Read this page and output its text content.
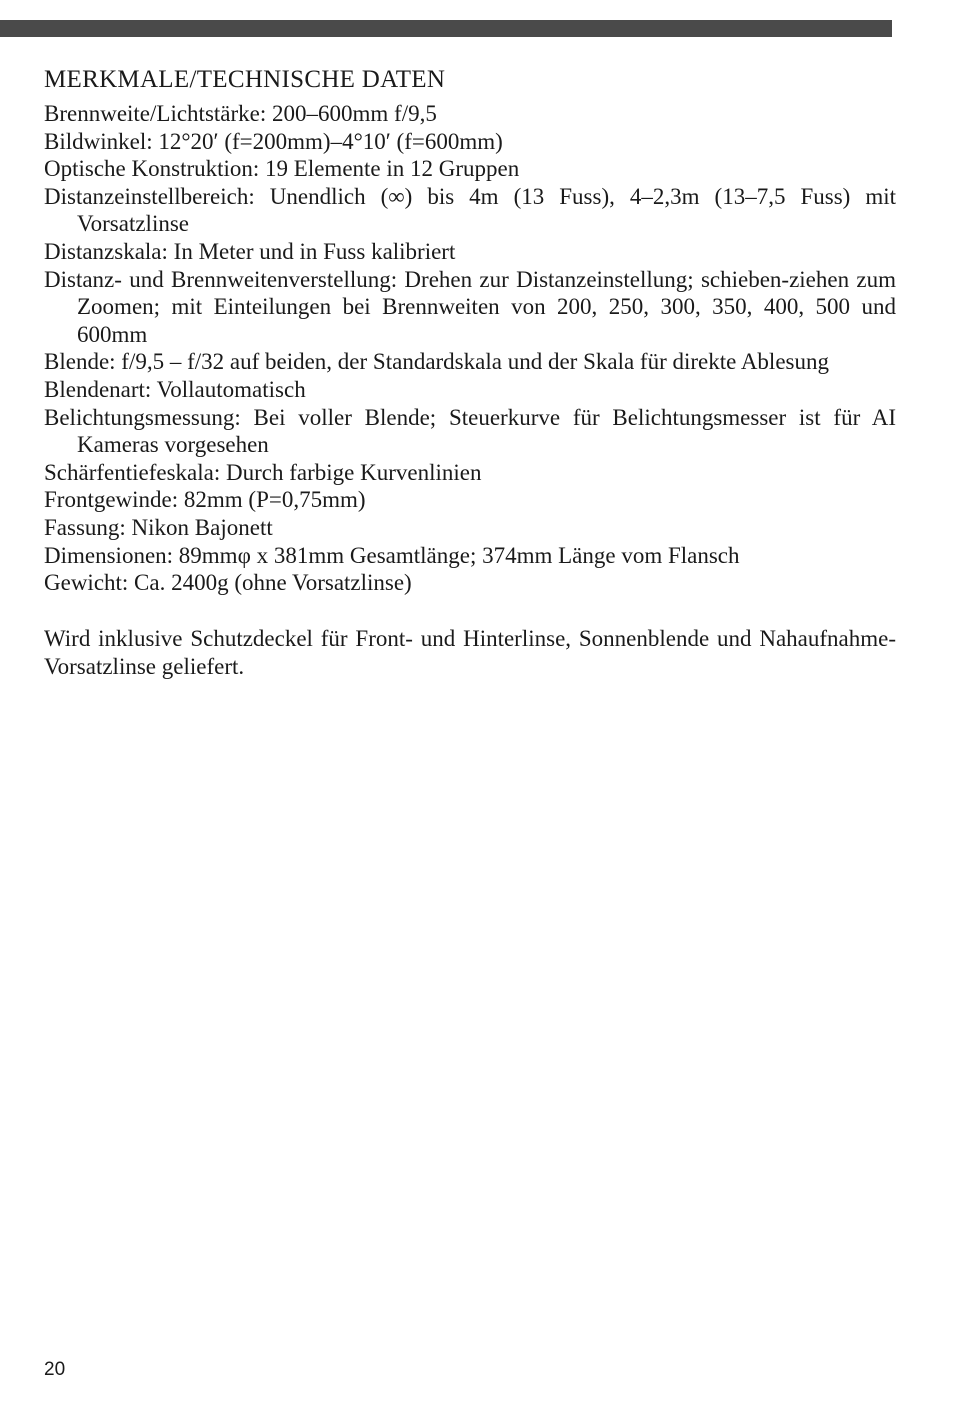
MERKMALE/TECHNISCHE DATEN
Brennweite/Lichtstärke: 200–600mm f/9,5
Bildwinkel: 12°20′ (f=200mm)–4°10′ (f=600mm)
Optische Konstruktion: 19 Elemente in 12 Gruppen
Distanzeinstellbereich: Unendlich (∞) bis 4m (13 Fuss), 4–2,3m (13–7,5 Fuss) mit Vorsatzlinse
Distanzskala: In Meter und in Fuss kalibriert
Distanz- und Brennweitenverstellung: Drehen zur Distanzeinstellung; schieben-ziehen zum Zoomen; mit Einteilungen bei Brennweiten von 200, 250, 300, 350, 400, 500 und 600mm
Blende: f/9,5 – f/32 auf beiden, der Standardskala und der Skala für direkte Ablesung
Blendenart: Vollautomatisch
Belichtungsmessung: Bei voller Blende; Steuerkurve für Belichtungsmesser ist für AI Kameras vorgesehen
Schärfentiefeskala: Durch farbige Kurvenlinien
Frontgewinde: 82mm (P=0,75mm)
Fassung: Nikon Bajonett
Dimensionen: 89mmφ x 381mm Gesamtlänge; 374mm Länge vom Flansch
Gewicht: Ca. 2400g (ohne Vorsatzlinse)

Wird inklusive Schutzdeckel für Front- und Hinterlinse, Sonnenblende und Nahaufnahme-Vorsatzlinse geliefert.

20
